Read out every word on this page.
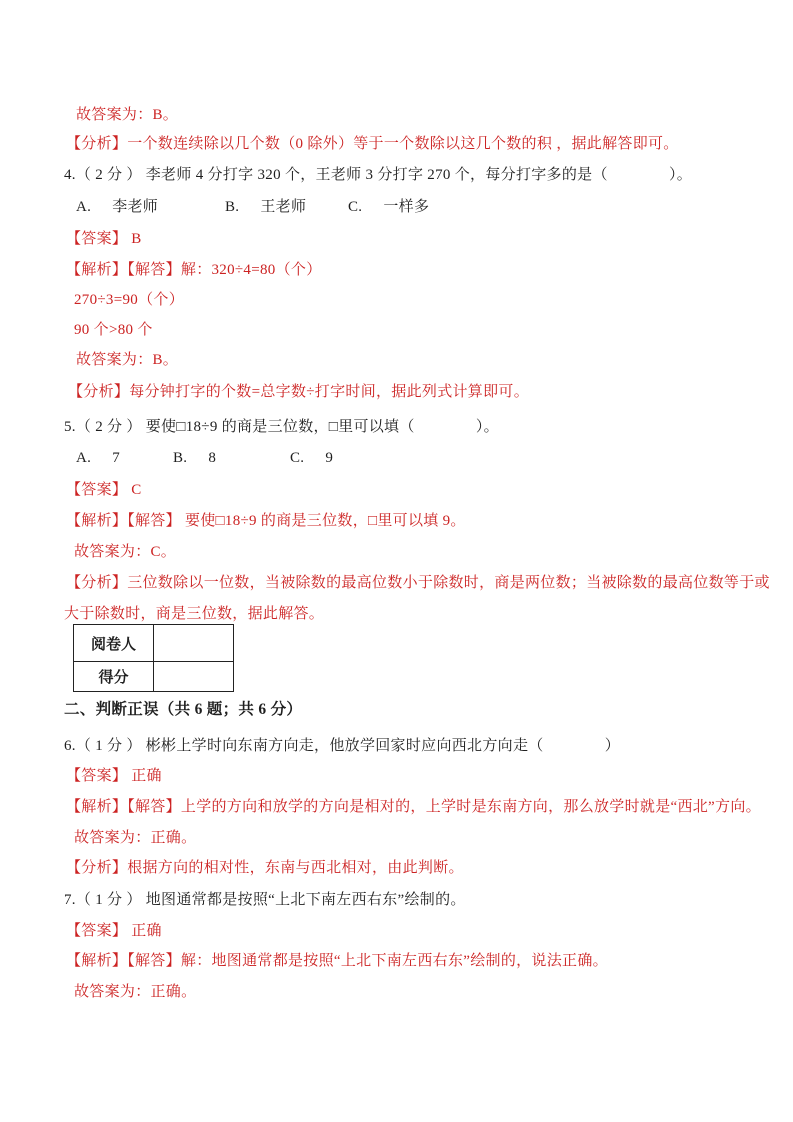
故答案为：B。
【分析】一个数连续除以几个数（0 除外）等于一个数除以这几个数的积 ，据此解答即可。
4.（ 2 分 ） 李老师 4 分打字 320 个，王老师 3 分打字 270 个，每分打字多的是（　　　　）。
A. 李老师	B. 王老师	C. 一样多
【答案】 B
【解析】【解答】解：320÷4=80（个）
270÷3=90（个）
90 个>80 个
故答案为：B。
【分析】每分钟打字的个数=总字数÷打字时间，据此列式计算即可。
5.（ 2 分 ） 要使□18÷9 的商是三位数，□里可以填（　　　　）。
A. 7	B. 8	C. 9
【答案】 C
【解析】【解答】 要使□18÷9 的商是三位数，□里可以填 9。
故答案为：C。
【分析】三位数除以一位数，当被除数的最高位数小于除数时，商是两位数；当被除数的最高位数等于或
大于除数时，商是三位数，据此解答。
阅卷人	
得分	
二、判断正误（共 6 题；共 6 分）
6.（ 1 分 ） 彬彬上学时向东南方向走，他放学回家时应向西北方向走（　　　　）
【答案】 正确
【解析】【解答】上学的方向和放学的方向是相对的，上学时是东南方向，那么放学时就是“西北”方向。
故答案为：正确。
【分析】根据方向的相对性，东南与西北相对，由此判断。
7.（ 1 分 ） 地图通常都是按照“上北下南左西右东”绘制的。
【答案】 正确
【解析】【解答】解：地图通常都是按照“上北下南左西右东”绘制的，说法正确。
故答案为：正确。
